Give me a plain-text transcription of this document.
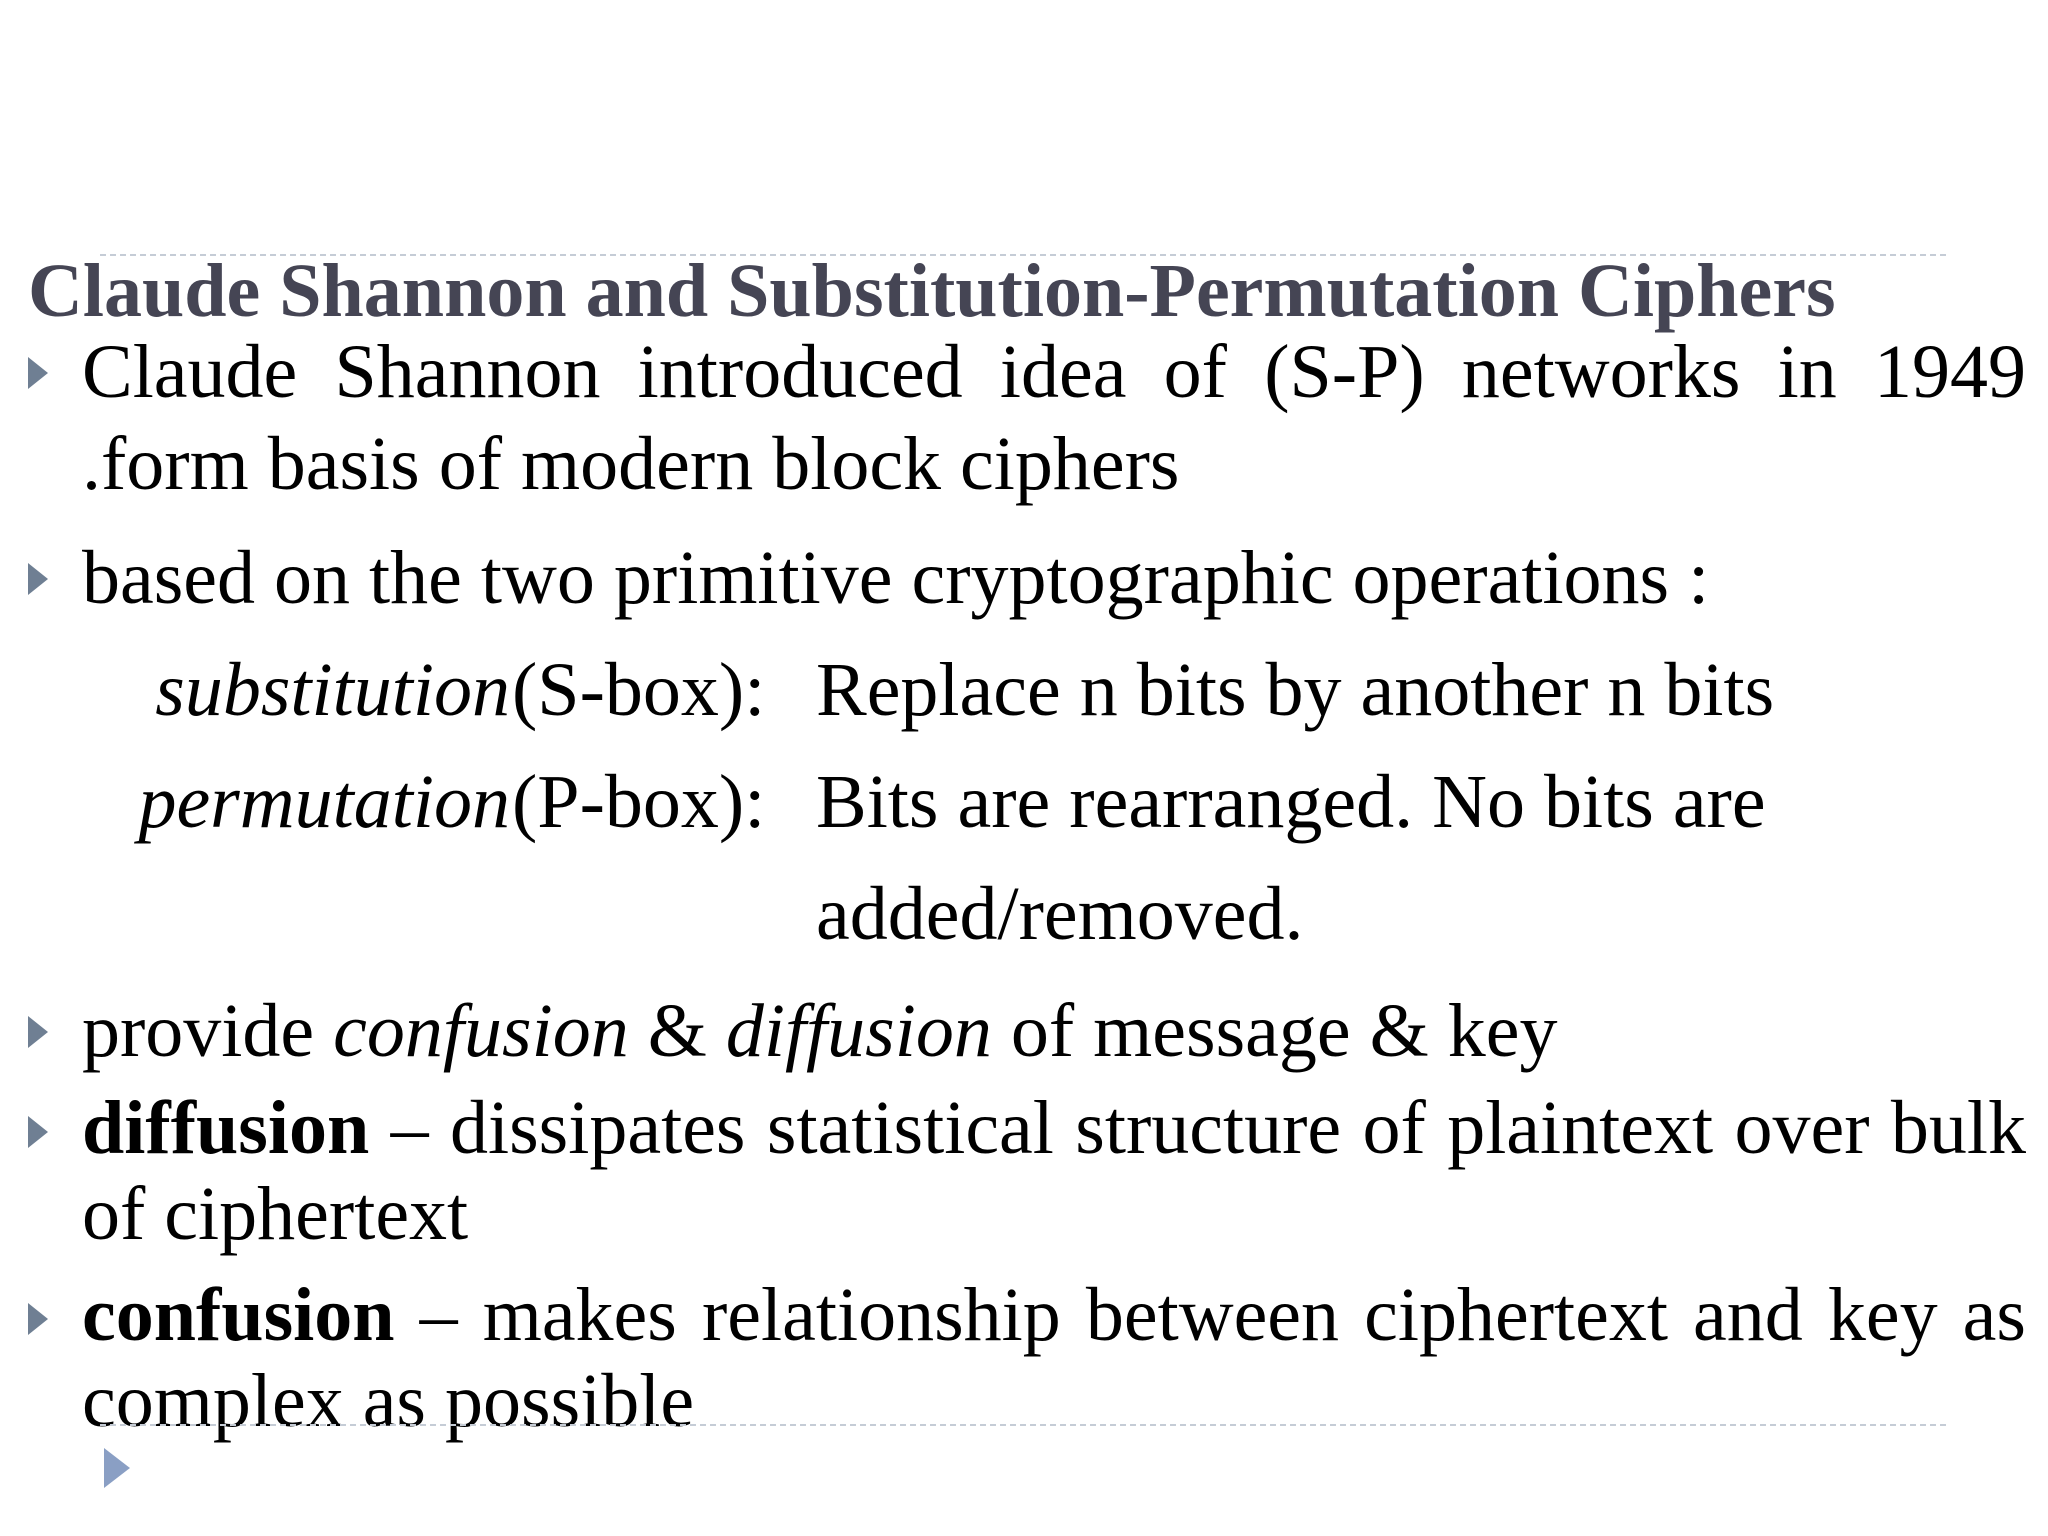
Claude Shannon and Substitution-Permutation Ciphers
Claude Shannon introduced idea of (S-P) networks in 1949 .form basis of modern block ciphers
based on the two primitive cryptographic operations :
substitution (S-box): Replace n bits by another n bits
permutation (P-box): Bits are rearranged. No bits are
added/removed.
provide confusion & diffusion of message & key
diffusion – dissipates statistical structure of plaintext over bulk of ciphertext
confusion – makes relationship between ciphertext and key as complex as possible
